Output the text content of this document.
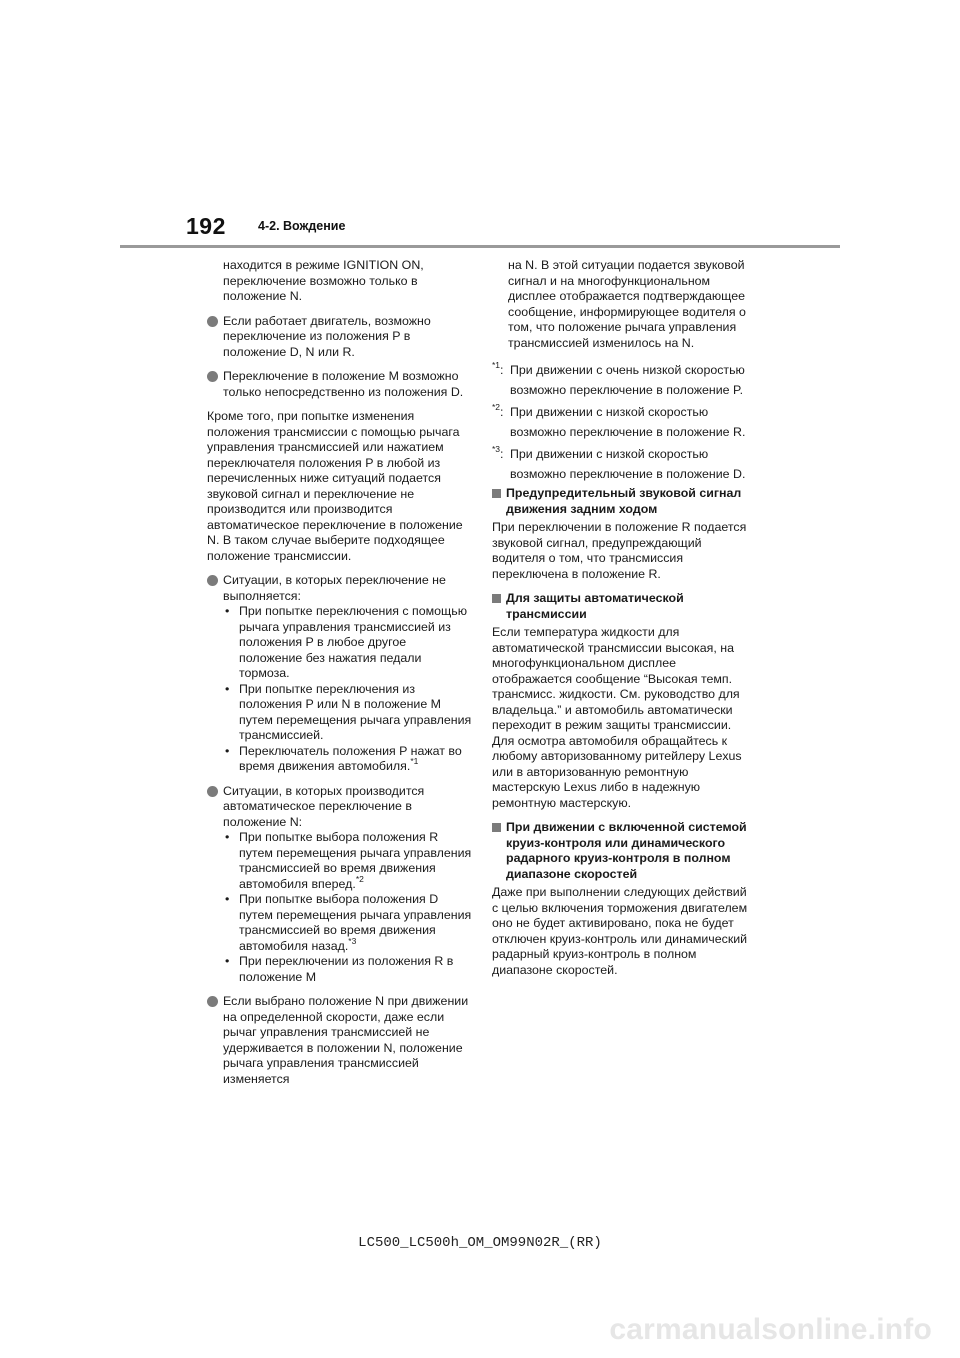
192	4-2. Вождение

находится в режиме IGNITION ON, переключение возможно только в положение N.

Если работает двигатель, возможно переключение из положения P в положение D, N или R.
Переключение в положение M возможно только непосредственно из положения D.

Кроме того, при попытке изменения положения трансмиссии с помощью рычага управления трансмиссией или нажатием переключателя положения P в любой из перечисленных ниже ситуаций подается звуковой сигнал и переключение не производится или производится автоматическое переключение в положение N. В таком случае выберите подходящее положение трансмиссии.

Ситуации, в которых переключение не выполняется:
• При попытке переключения с помощью рычага управления трансмиссией из положения P в любое другое положение без нажатия педали тормоза.
• При попытке переключения из положения P или N в положение M путем перемещения рычага управления трансмиссией.
• Переключатель положения P нажат во время движения автомобиля.$^{*1}$
Ситуации, в которых производится автоматическое переключение в положение N:
• При попытке выбора положения R путем перемещения рычага управления трансмиссией во время движения автомобиля вперед.$^{*2}$
• При попытке выбора положения D путем перемещения рычага управления трансмиссией во время движения автомобиля назад.$^{*3}$
• При переключении из положения R в положение M
Если выбрано положение N при движении на определенной скорости, даже если рычаг управления трансмиссией не удерживается в положении N, положение рычага управления трансмиссией изменяется

на N. В этой ситуации подается звуковой сигнал и на многофункциональном дисплее отображается подтверждающее сообщение, информирующее водителя о том, что положение рычага управления трансмиссией изменилось на N.

$^{*1}$: При движении с очень низкой скоростью возможно переключение в положение P.
$^{*2}$: При движении с низкой скоростью возможно переключение в положение R.
$^{*3}$: При движении с низкой скоростью возможно переключение в положение D.
Предупредительный звуковой сигнал движения задним ходом

При переключении в положение R подается звуковой сигнал, предупреждающий водителя о том, что трансмиссия переключена в положение R.

Для защиты автоматической трансмиссии

Если температура жидкости для автоматической трансмиссии высокая, на многофункциональном дисплее отображается сообщение “Высокая темп. трансмисс. жидкости. См. руководство для владельца.” и автомобиль автоматически переходит в режим защиты трансмиссии. Для осмотра автомобиля обращайтесь к любому авторизованному ритейлеру Lexus или в авторизованную ремонтную мастерскую Lexus либо в надежную ремонтную мастерскую.

При движении с включенной системой круиз-контроля или динамического радарного круиз-контроля в полном диапазоне скоростей

Даже при выполнении следующих действий с целью включения торможения двигателем оно не будет активировано, пока не будет отключен круиз-контроль или динамический радарный круиз-контроль в полном диапазоне скоростей.

LC500_LC500h_OM_OM99N02R_(RR)
carmanualsonline.info
